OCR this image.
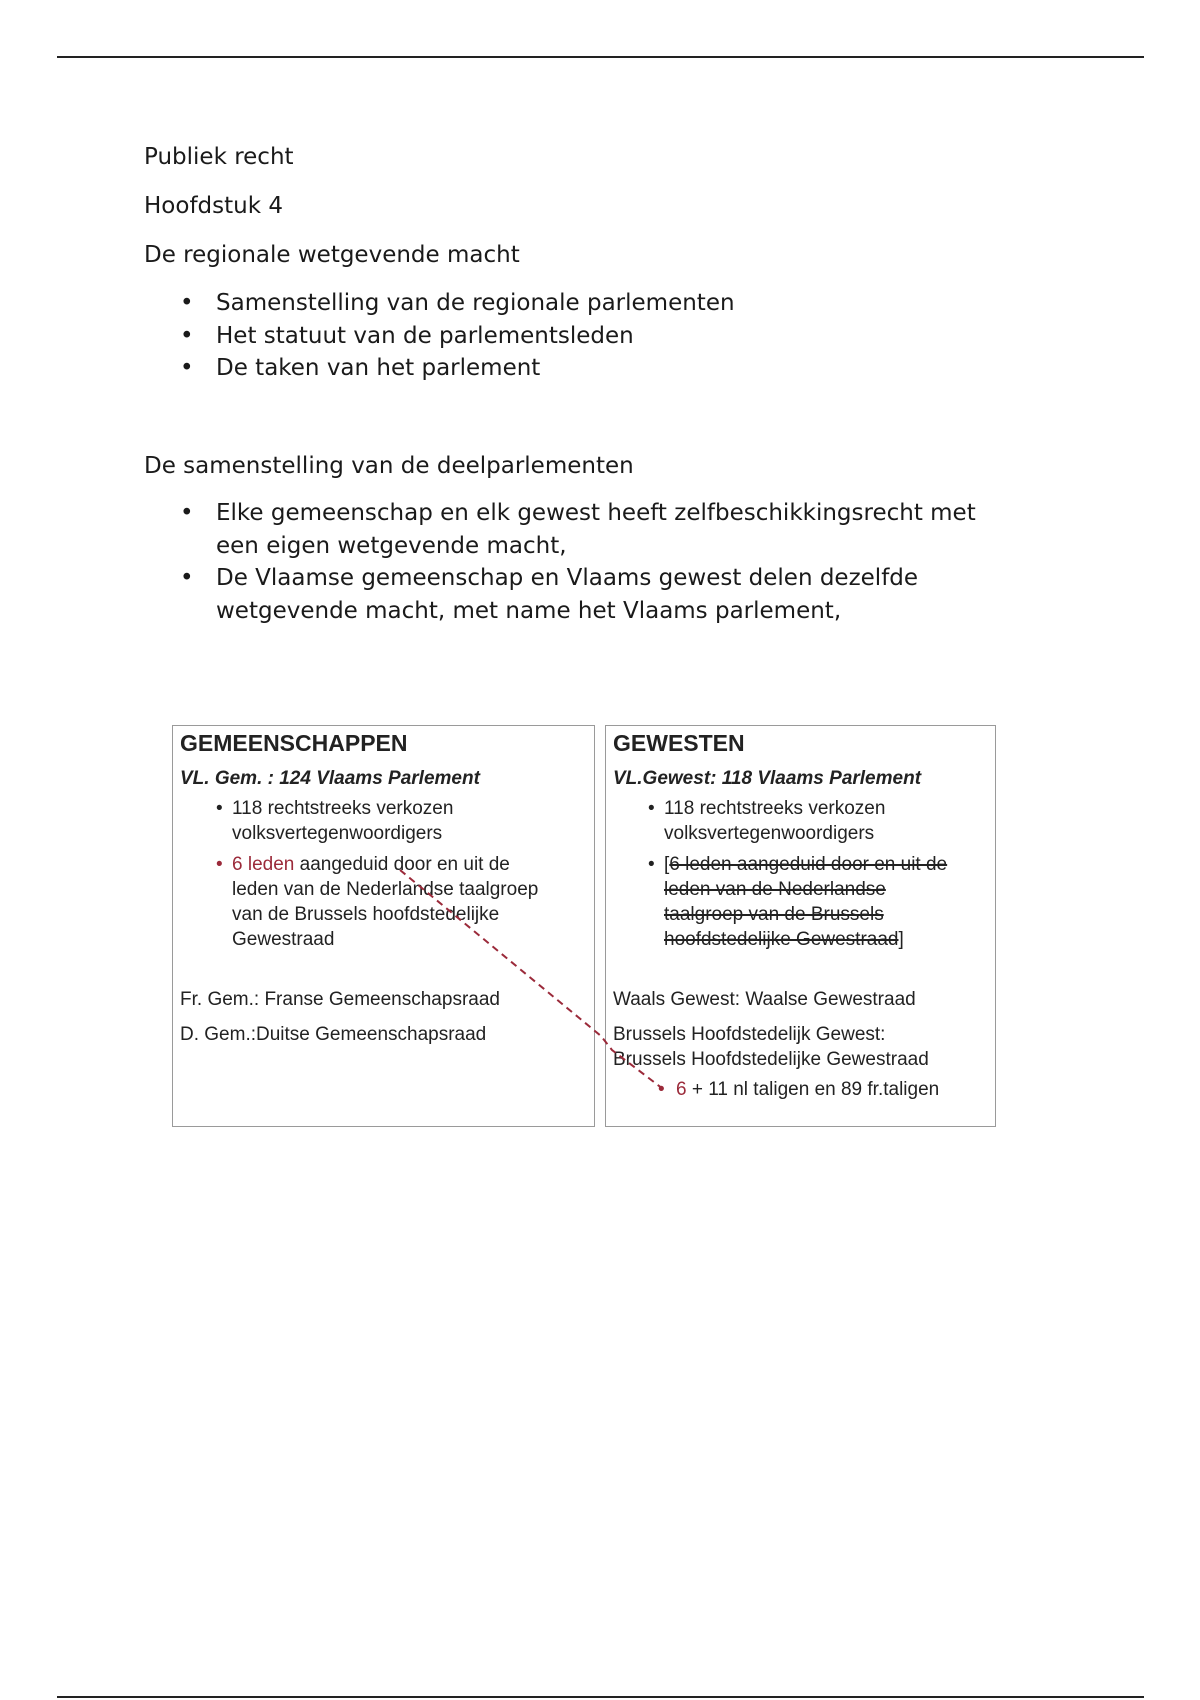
Publiek recht
Hoofdstuk 4
De regionale wetgevende macht
• Samenstelling van de regionale parlementen
• Het statuut van de parlementsleden
• De taken van het parlement
De samenstelling van de deelparlementen
• Elke gemeenschap en elk gewest heeft zelfbeschikkingsrecht met
een eigen wetgevende macht,
• De Vlaamse gemeenschap en Vlaams gewest delen dezelfde
wetgevende macht, met name het Vlaams parlement,
GEMEENSCHAPPEN
VL. Gem. : 124 Vlaams Parlement
• 118 rechtstreeks verkozen
volksvertegenwoordigers
• 6 leden aangeduid door en uit de
leden van de Nederlandse taalgroep
van de Brussels hoofdstedelijke
Gewestraad
Fr. Gem.: Franse Gemeenschapsraad
D. Gem.:Duitse Gemeenschapsraad
GEWESTEN
VL.Gewest: 118 Vlaams Parlement
• 118 rechtstreeks verkozen
volksvertegenwoordigers
• [6 leden aangeduid door en uit de
leden van de Nederlandse
taalgroep van de Brussels
hoofdstedelijke Gewestraad]
Waals Gewest: Waalse Gewestraad
Brussels Hoofdstedelijk Gewest:
Brussels Hoofdstedelijke Gewestraad
• 6 + 11 nl taligen en 89 fr.taligen
